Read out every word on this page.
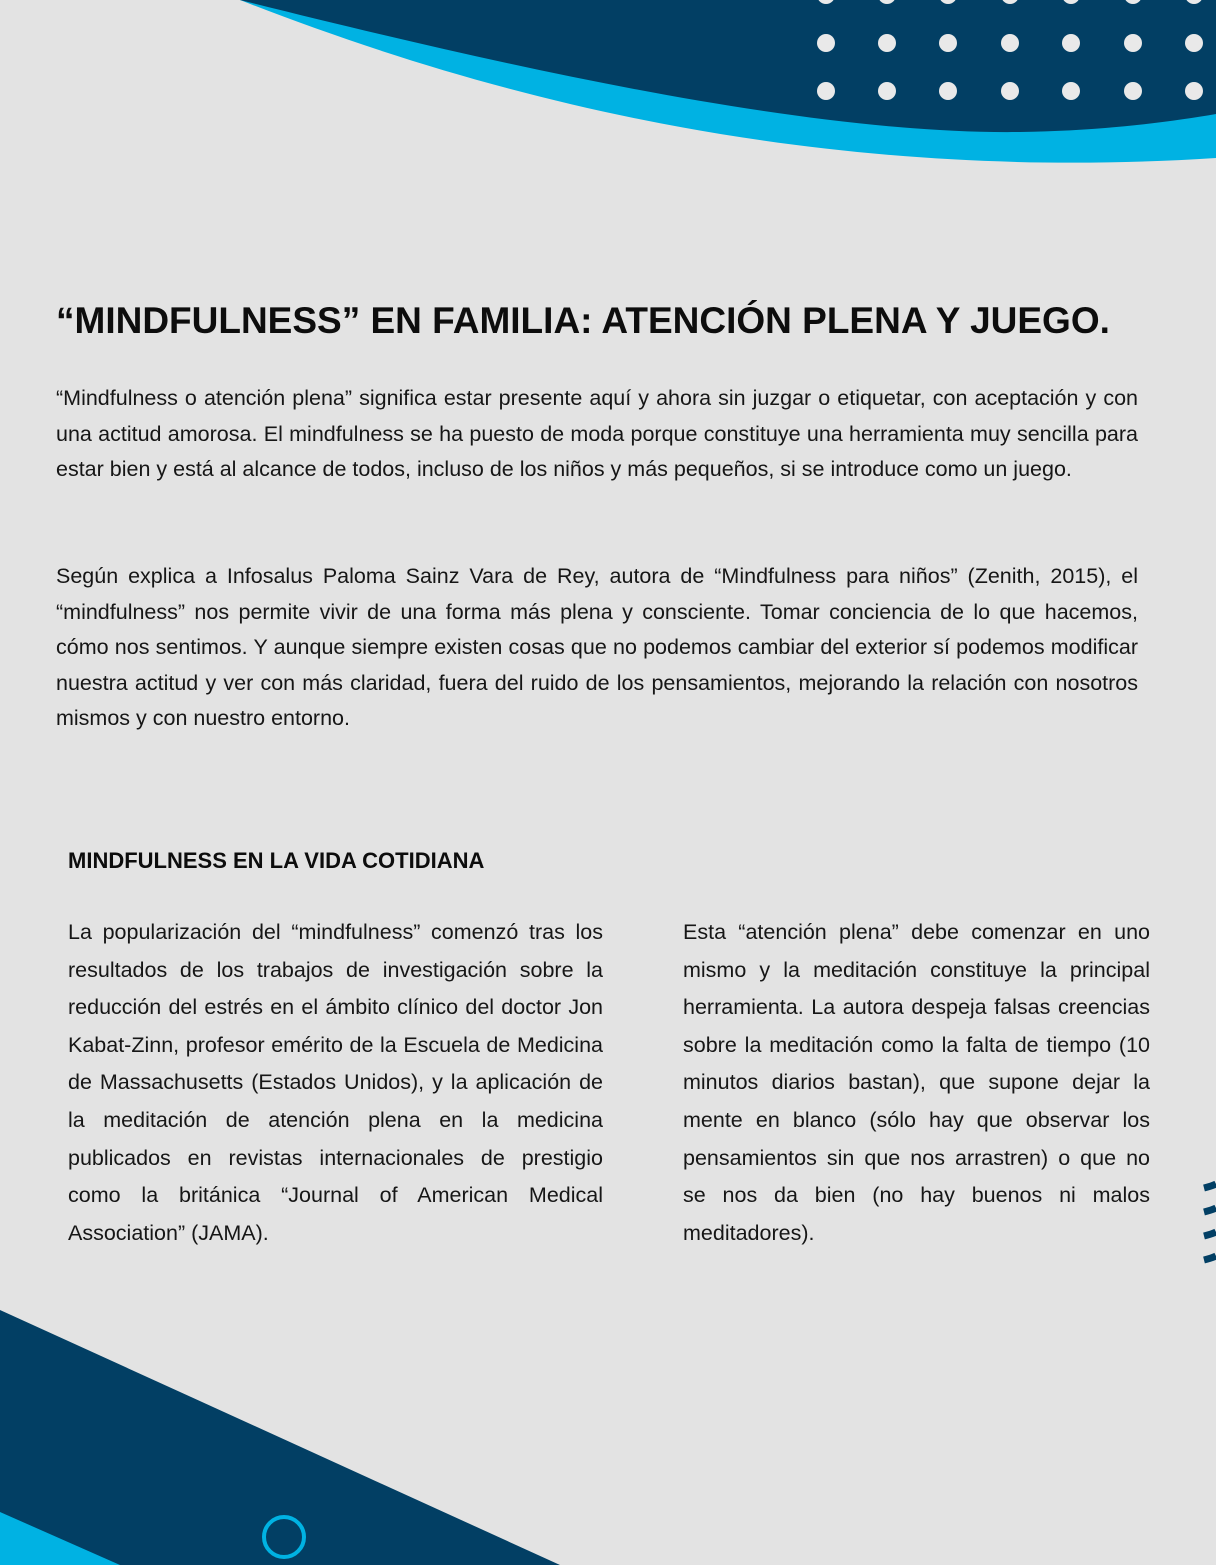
“MINDFULNESS” EN FAMILIA: ATENCIÓN PLENA Y JUEGO.

“Mindfulness o atención plena” significa estar presente aquí y ahora sin juzgar o etiquetar, con aceptación y con una actitud amorosa. El mindfulness se ha puesto de moda porque constituye una herramienta muy sencilla para estar bien y está al alcance de todos, incluso de los niños y más pequeños, si se introduce como un juego.

Según explica a Infosalus Paloma Sainz Vara de Rey, autora de “Mindfulness para niños” (Zenith, 2015), el “mindfulness” nos permite vivir de una forma más plena y consciente. Tomar conciencia de lo que hacemos, cómo nos sentimos. Y aunque siempre existen cosas que no podemos cambiar del exterior sí podemos modificar nuestra actitud y ver con más claridad, fuera del ruido de los pensamientos, mejorando la relación con nosotros mismos y con nuestro entorno.

MINDFULNESS EN LA VIDA COTIDIANA

La popularización del “mindfulness” comenzó tras los resultados de los trabajos de investigación sobre la reducción del estrés en el ámbito clínico del doctor Jon Kabat-Zinn, profesor emérito de la Escuela de Medicina de Massachusetts (Estados Unidos), y la aplicación de la meditación de atención plena en la medicina publicados en revistas internacionales de prestigio como la británica “Journal of American Medical Association” (JAMA).

Esta “atención plena” debe comenzar en uno mismo y la meditación constituye la principal herramienta. La autora despeja falsas creencias sobre la meditación como la falta de tiempo (10 minutos diarios bastan), que supone dejar la mente en blanco (sólo hay que observar los pensamientos sin que nos arrastren) o que no se nos da bien (no hay buenos ni malos meditadores).
